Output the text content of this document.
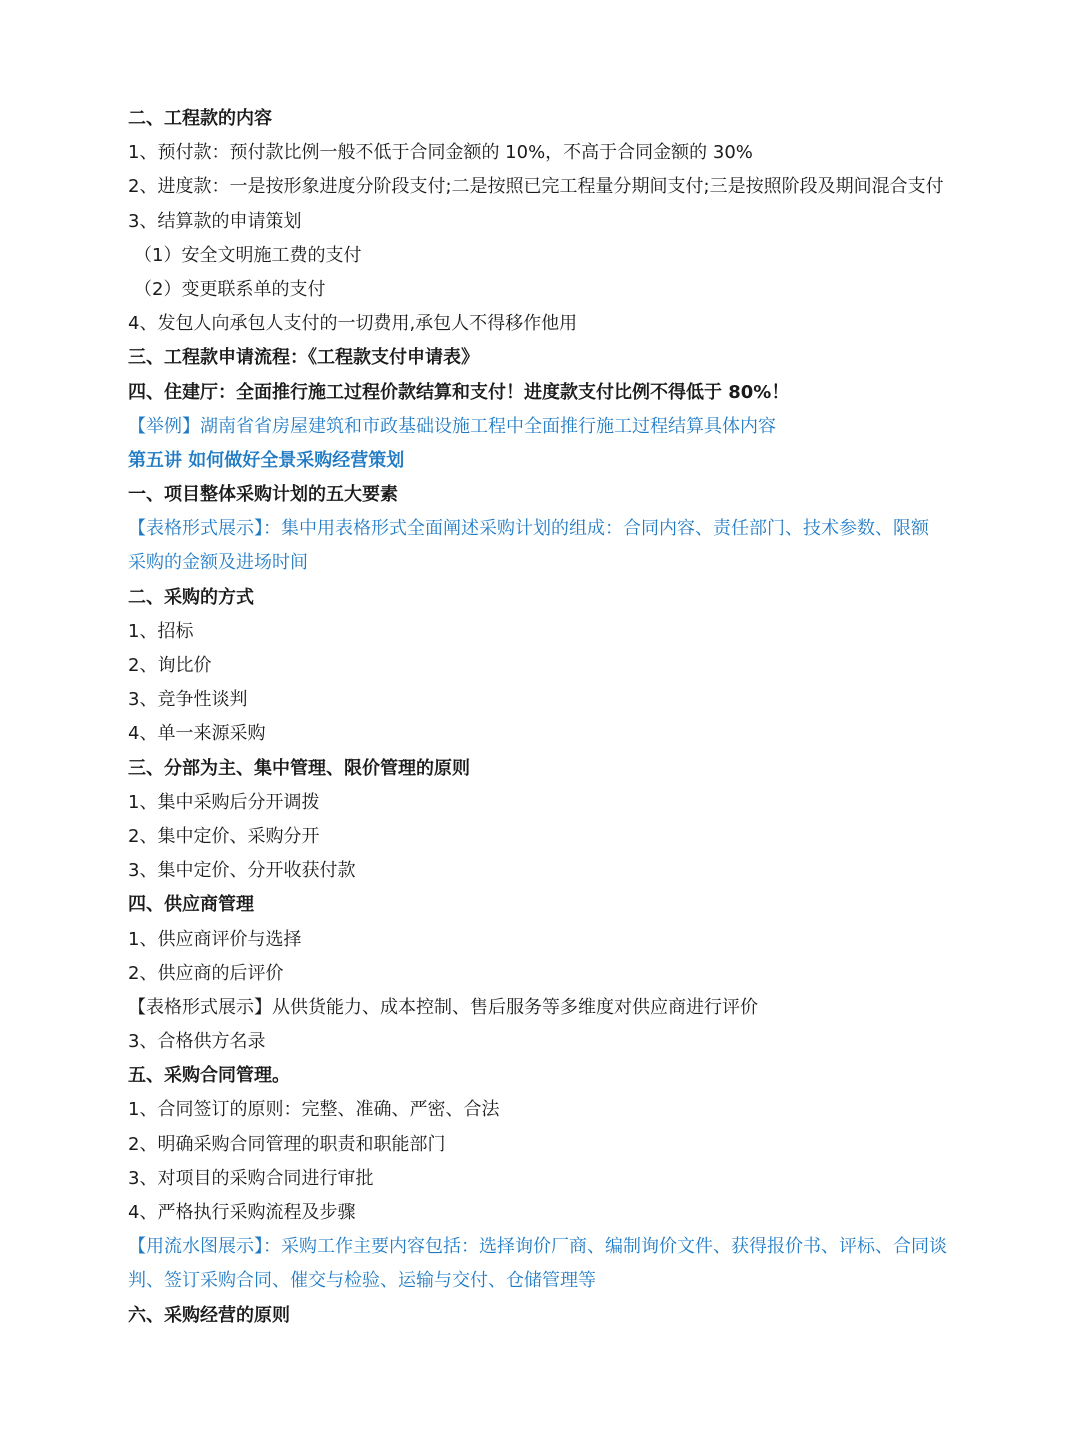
二、工程款的内容
1、预付款：预付款比例一般不低于合同金额的 10%，不高于合同金额的 30%
2、进度款：一是按形象进度分阶段支付;二是按照已完工程量分期间支付;三是按照阶段及期间混合支付
3、结算款的申请策划
（1）安全文明施工费的支付
（2）变更联系单的支付
4、发包人向承包人支付的一切费用,承包人不得移作他用
三、工程款申请流程：《工程款支付申请表》
四、住建厅：全面推行施工过程价款结算和支付！进度款支付比例不得低于 80%！
【举例】湖南省省房屋建筑和市政基础设施工程中全面推行施工过程结算具体内容
第五讲 如何做好全景采购经营策划
一、项目整体采购计划的五大要素
【表格形式展示】：集中用表格形式全面阐述采购计划的组成：合同内容、责任部门、技术参数、限额
采购的金额及进场时间
二、采购的方式
1、招标
2、询比价
3、竞争性谈判
4、单一来源采购
三、分部为主、集中管理、限价管理的原则
1、集中采购后分开调拨
2、集中定价、采购分开
3、集中定价、分开收获付款
四、供应商管理
1、供应商评价与选择
2、供应商的后评价
【表格形式展示】从供货能力、成本控制、售后服务等多维度对供应商进行评价
3、合格供方名录
五、采购合同管理。
1、合同签订的原则：完整、准确、严密、合法
2、明确采购合同管理的职责和职能部门
3、对项目的采购合同进行审批
4、严格执行采购流程及步骤
【用流水图展示】：采购工作主要内容包括：选择询价厂商、编制询价文件、获得报价书、评标、合同谈
判、签订采购合同、催交与检验、运输与交付、仓储管理等
六、采购经营的原则
